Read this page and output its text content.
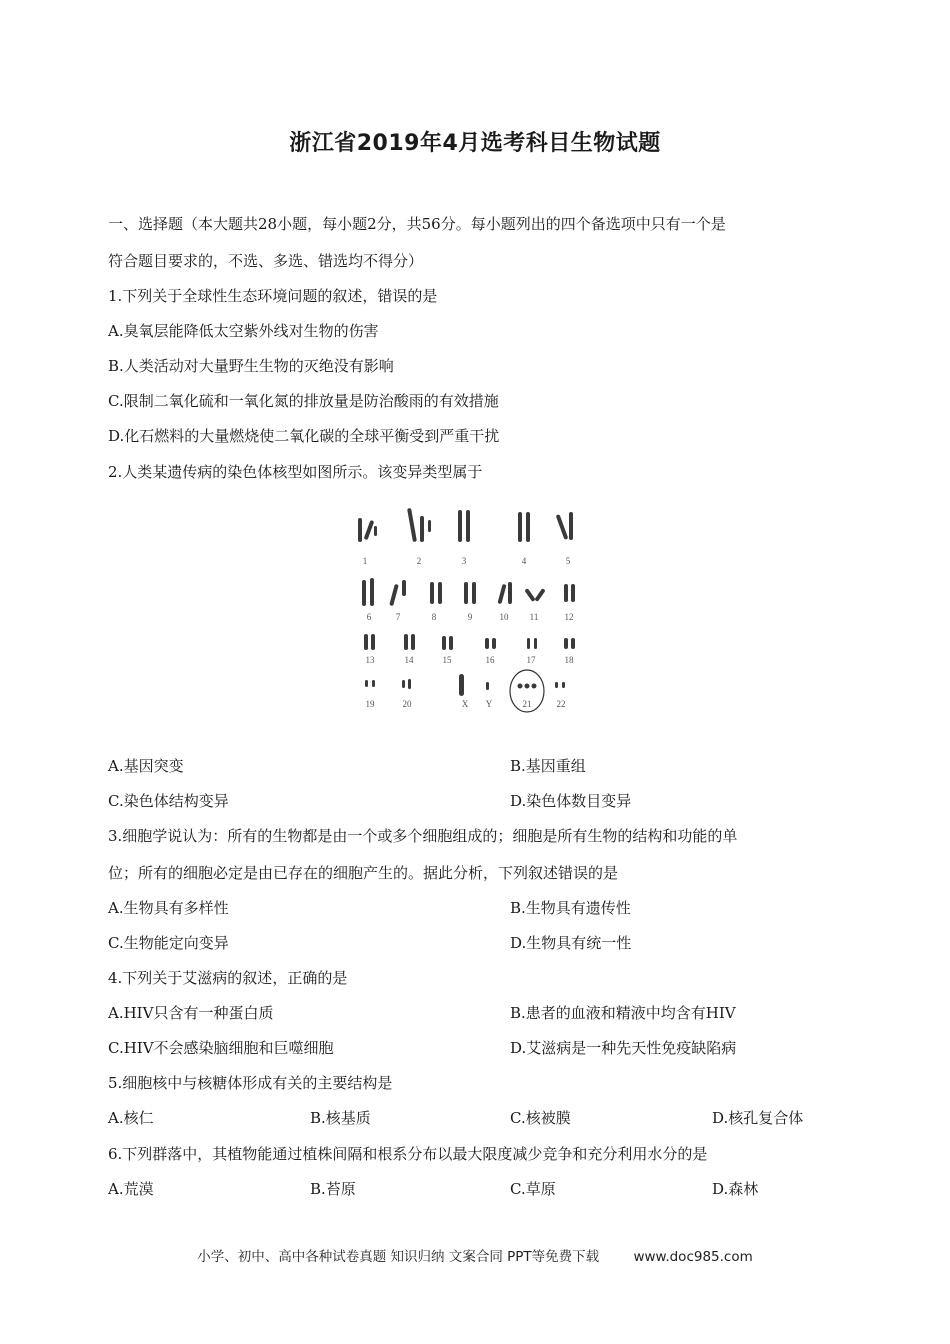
浙江省2019年4月选考科目生物试题
一、选择题（本大题共28小题，每小题2分，共56分。每小题列出的四个备选项中只有一个是
符合题目要求的，不选、多选、错选均不得分）
1.下列关于全球性生态环境问题的叙述，错误的是
A.臭氧层能降低太空紫外线对生物的伤害
B.人类活动对大量野生生物的灭绝没有影响
C.限制二氧化硫和一氧化氮的排放量是防治酸雨的有效措施
D.化石燃料的大量燃烧使二氧化碳的全球平衡受到严重干扰
2.人类某遗传病的染色体核型如图所示。该变异类型属于
1	2	3	4	5
6	7	8	9	10 11	12
13	14	15	16	17	18
19	20	X Y	21	22
A.基因突变	B.基因重组
C.染色体结构变异	D.染色体数目变异
3.细胞学说认为：所有的生物都是由一个或多个细胞组成的；细胞是所有生物的结构和功能的单
位；所有的细胞必定是由已存在的细胞产生的。据此分析，下列叙述错误的是
A.生物具有多样性	B.生物具有遗传性
C.生物能定向变异	D.生物具有统一性
4.下列关于艾滋病的叙述，正确的是
A.HIV只含有一种蛋白质	B.患者的血液和精液中均含有HIV
C.HIV不会感染脑细胞和巨噬细胞	D.艾滋病是一种先天性免疫缺陷病
5.细胞核中与核糖体形成有关的主要结构是
A.核仁	B.核基质	C.核被膜	D.核孔复合体
6.下列群落中，其植物能通过植株间隔和根系分布以最大限度减少竞争和充分利用水分的是
A.荒漠	B.苔原	C.草原	D.森林
小学、初中、高中各种试卷真题 知识归纳 文案合同 PPT等免费下载	www.doc985.com
